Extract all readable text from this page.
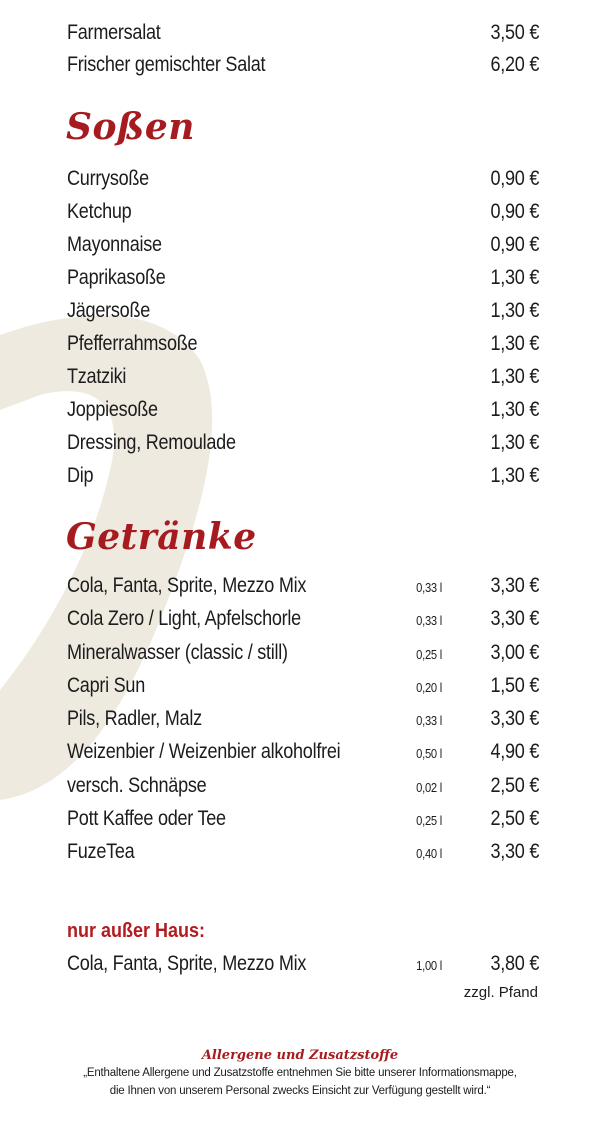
Farmersalat	3,50 €
Frischer gemischter Salat	6,20 €
Soßen
Currysoße	0,90 €
Ketchup	0,90 €
Mayonnaise	0,90 €
Paprikasoße	1,30 €
Jägersoße	1,30 €
Pfefferrahmsoße	1,30 €
Tzatziki	1,30 €
Joppiesoße	1,30 €
Dressing, Remoulade	1,30 €
Dip	1,30 €
Getränke
Cola, Fanta, Sprite, Mezzo Mix	0,33 l 3,30 €
Cola Zero / Light, Apfelschorle	0,33 l 3,30 €
Mineralwasser (classic / still)	0,25 l 3,00 €
Capri Sun	0,20 l 1,50 €
Pils, Radler, Malz	0,33 l 3,30 €
Weizenbier / Weizenbier alkoholfrei	0,50 l 4,90 €
versch. Schnäpse	0,02 l 2,50 €
Pott Kaffee oder Tee	0,25 l 2,50 €
FuzeTea	0,40 l 3,30 €
nur außer Haus:
Cola, Fanta, Sprite, Mezzo Mix	1,00 l 3,80 €
zzgl. Pfand
Allergene und Zusatzstoffe
„Enthaltene Allergene und Zusatzstoffe entnehmen Sie bitte unserer Informationsmappe,
die Ihnen von unserem Personal zwecks Einsicht zur Verfügung gestellt wird.“
